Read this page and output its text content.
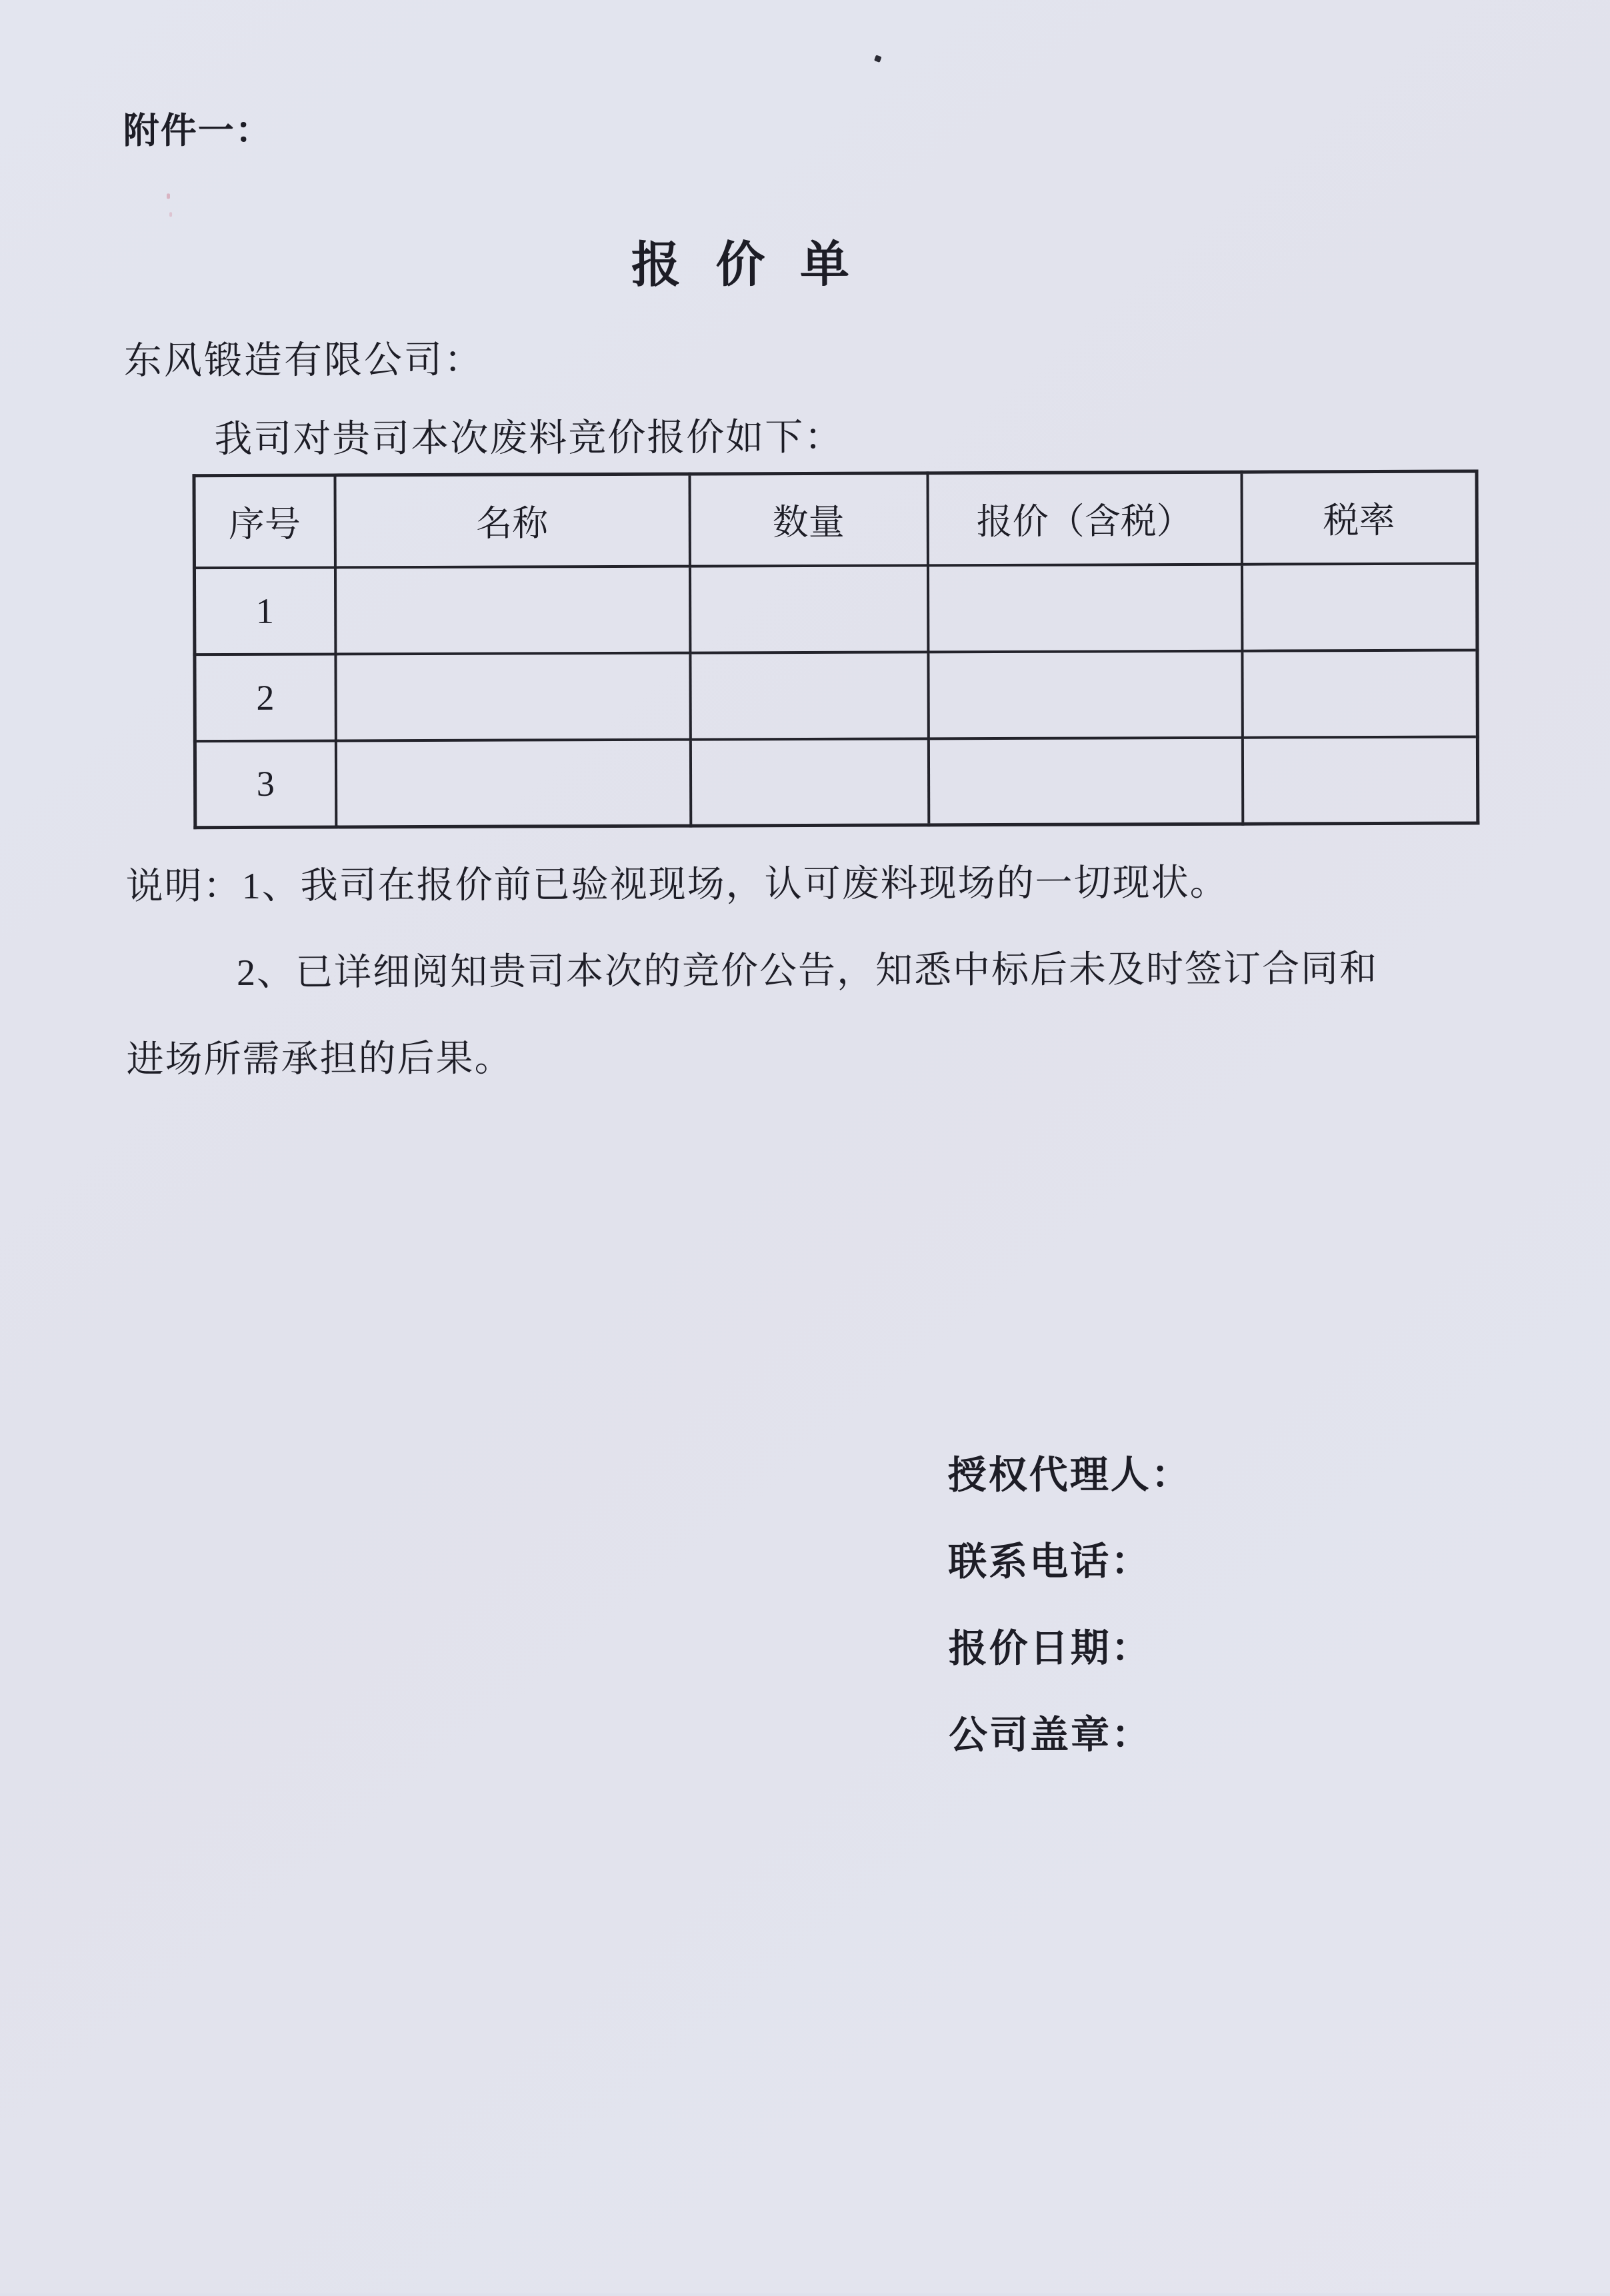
附件一：
报 价 单
东风锻造有限公司：
我司对贵司本次废料竞价报价如下：
序号	名称	数量	报价（含税）	税率
1				
2				
3				
说明：1、我司在报价前已验视现场，认可废料现场的一切现状。
2、已详细阅知贵司本次的竞价公告，知悉中标后未及时签订合同和
进场所需承担的后果。
授权代理人：
联系电话：
报价日期：
公司盖章：
